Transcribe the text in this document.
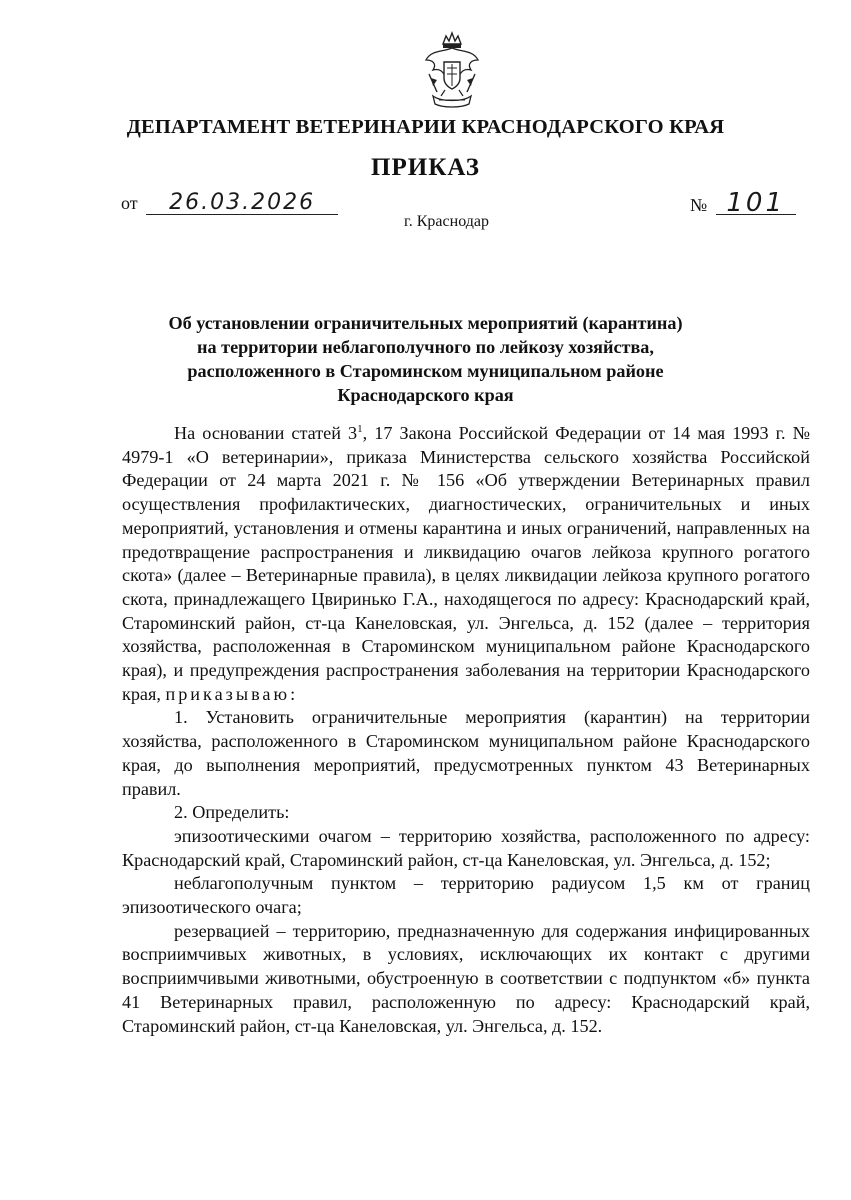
ДЕПАРТАМЕНТ ВЕТЕРИНАРИИ КРАСНОДАРСКОГО КРАЯ
ПРИКАЗ
от 26.03.2026	№ 101
г. Краснодар
Об установлении ограничительных мероприятий (карантина)
на территории неблагополучного по лейкозу хозяйства,
расположенного в Староминском муниципальном районе
Краснодарского края

На основании статей $3^1$, 17 Закона Российской Федерации от 14 мая 1993 г. № 4979-1 «О ветеринарии», приказа Министерства сельского хозяйства Российской Федерации от 24 марта 2021 г. № 156 «Об утверждении Ветеринарных правил осуществления профилактических, диагностических, ограничительных и иных мероприятий, установления и отмены карантина и иных ограничений, направленных на предотвращение распространения и ликвидацию очагов лейкоза крупного рогатого скота» (далее – Ветеринарные правила), в целях ликвидации лейкоза крупного рогатого скота, принадлежащего Цвиринько Г.А., находящегося по адресу: Краснодарский край, Староминский район, ст-ца Канеловская, ул. Энгельса, д. 152 (далее – территория хозяйства, расположенная в Староминском муниципальном районе Краснодарского края), и предупреждения распространения заболевания на территории Краснодарского края, приказываю:

1. Установить ограничительные мероприятия (карантин) на территории хозяйства, расположенного в Староминском муниципальном районе Краснодарского края, до выполнения мероприятий, предусмотренных пунктом 43 Ветеринарных правил.

2. Определить:

эпизоотическими очагом – территорию хозяйства, расположенного по адресу: Краснодарский край, Староминский район, ст-ца Канеловская, ул. Энгельса, д. 152;

неблагополучным пунктом – территорию радиусом 1,5 км от границ эпизоотического очага;

резервацией – территорию, предназначенную для содержания инфицированных восприимчивых животных, в условиях, исключающих их контакт с другими восприимчивыми животными, обустроенную в соответствии с подпунктом «б» пункта 41 Ветеринарных правил, расположенную по адресу: Краснодарский край, Староминский район, ст-ца Канеловская, ул. Энгельса, д. 152.
